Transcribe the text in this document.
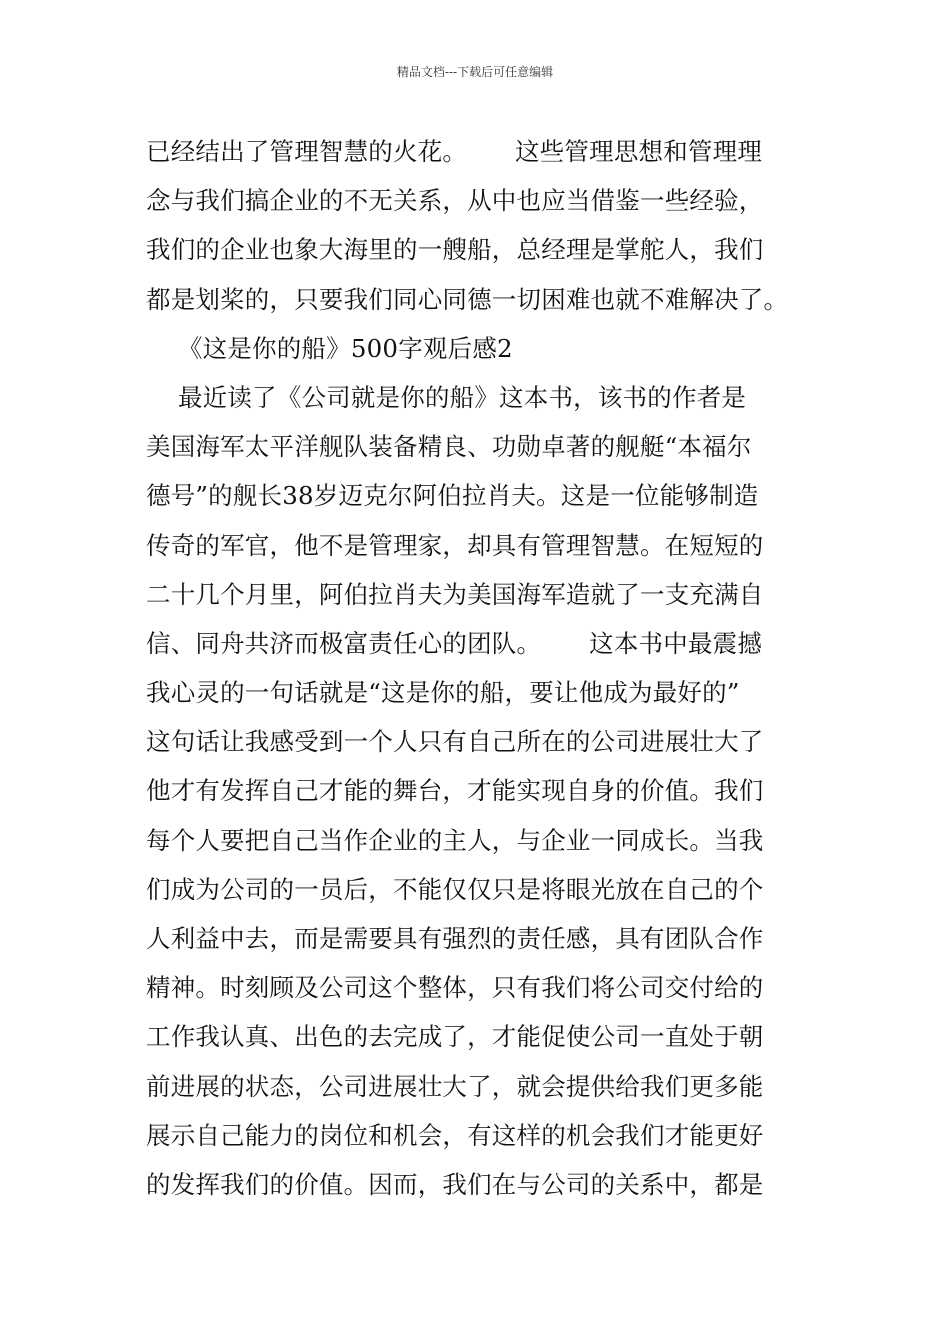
精品文档---下载后可任意编辑
已经结出了管理智慧的火花。      这些管理思想和管理理
念与我们搞企业的不无关系，从中也应当借鉴一些经验，
我们的企业也象大海里的一艘船，总经理是掌舵人，我们
都是划桨的，只要我们同心同德一切困难也就不难解决了。
《这是你的船》500字观后感2
最近读了《公司就是你的船》这本书，该书的作者是
美国海军太平洋舰队装备精良、功勋卓著的舰艇“本福尔
德号”的舰长38岁迈克尔阿伯拉肖夫。这是一位能够制造
传奇的军官，他不是管理家，却具有管理智慧。在短短的
二十几个月里，阿伯拉肖夫为美国海军造就了一支充满自
信、同舟共济而极富责任心的团队。      这本书中最震撼
我心灵的一句话就是“这是你的船，要让他成为最好的”
这句话让我感受到一个人只有自己所在的公司进展壮大了
他才有发挥自己才能的舞台，才能实现自身的价值。我们
每个人要把自己当作企业的主人，与企业一同成长。当我
们成为公司的一员后，不能仅仅只是将眼光放在自己的个
人利益中去，而是需要具有强烈的责任感，具有团队合作
精神。时刻顾及公司这个整体，只有我们将公司交付给的
工作我认真、出色的去完成了，才能促使公司一直处于朝
前进展的状态，公司进展壮大了，就会提供给我们更多能
展示自己能力的岗位和机会，有这样的机会我们才能更好
的发挥我们的价值。因而，我们在与公司的关系中，都是
